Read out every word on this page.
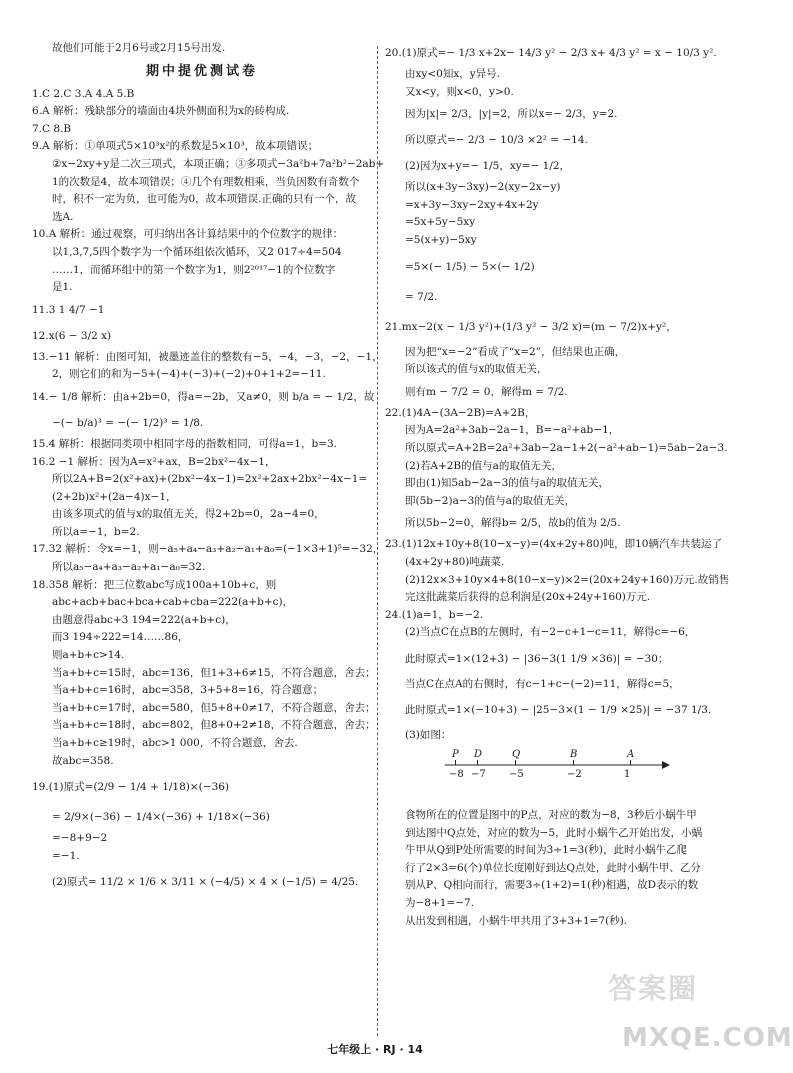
故他们可能于2月6号或2月15号出发.
期中提优测试卷
1.C 2.C 3.A 4.A 5.B
6.A 解析：残缺部分的墙面由4块外侧面积为x的砖构成.
7.C 8.B
9.A 解析：①单项式5×10³x²的系数是5×10³，故本项错误；
②x−2xy+y是二次三项式，本项正确；③多项式−3a²b+7a²b²−2ab+
1的次数是4，故本项错误；④几个有理数相乘，当负因数有奇数个
时，积不一定为负，也可能为0，故本项错误.正确的只有一个，故
选A.
10.A 解析：通过观察，可归纳出各计算结果中的个位数字的规律：
以1,3,7,5四个数字为一个循环组依次循环，又2 017÷4=504
……1，而循环组中的第一个数字为1，则2²⁰¹⁷−1的个位数字
是1.
11.3 1 4/7 −1
12.x(6 − 3/2 x)
13.−11 解析：由图可知，被墨迹盖住的整数有−5，−4，−3，−2，−1，
2，则它们的和为−5+(−4)+(−3)+(−2)+0+1+2=−11.
14.− 1/8 解析：由a+2b=0，得a=−2b，又a≠0，则 b/a = − 1/2，故
−(− b/a)³ = −(− 1/2)³ = 1/8.
15.4 解析：根据同类项中相同字母的指数相同，可得a=1，b=3.
16.2 −1 解析：因为A=x²+ax，B=2bx²−4x−1，
所以2A+B=2(x²+ax)+(2bx²−4x−1)=2x²+2ax+2bx²−4x−1=
(2+2b)x²+(2a−4)x−1，
由该多项式的值与x的取值无关，得2+2b=0，2a−4=0，
所以a=−1，b=2.
17.32 解析：令x=−1，则−a₅+a₄−a₃+a₂−a₁+a₀=(−1×3+1)⁵=−32，
所以a₅−a₄+a₃−a₂+a₁−a₀=32.
18.358 解析：把三位数abc写成100a+10b+c，则
abc+acb+bac+bca+cab+cba=222(a+b+c)，
由题意得abc+3 194=222(a+b+c)，
而3 194÷222=14……86，
则a+b+c>14.
当a+b+c=15时，abc=136，但1+3+6≠15，不符合题意，舍去；
当a+b+c=16时，abc=358，3+5+8=16，符合题意；
当a+b+c=17时，abc=580，但5+8+0≠17，不符合题意，舍去；
当a+b+c=18时，abc=802，但8+0+2≠18，不符合题意，舍去；
当a+b+c≥19时，abc>1 000，不符合题意，舍去.
故abc=358.
19.(1)原式=(2/9 − 1/4 + 1/18)×(−36)
= 2/9×(−36) − 1/4×(−36) + 1/18×(−36)
=−8+9−2
=−1.
(2)原式= 11/2 × 1/6 × 3/11 × (−4/5) × 4 × (−1/5) = 4/25.
20.(1)原式=− 1/3 x+2x− 14/3 y² − 2/3 x+ 4/3 y² = x − 10/3 y².
由xy<0知x，y异号.
又x<y，则x<0，y>0.
因为|x|= 2/3，|y|=2，所以x=− 2/3，y=2.
所以原式=− 2/3 − 10/3 ×2² = −14.
(2)因为x+y=− 1/5，xy=− 1/2，
所以(x+3y−3xy)−2(xy−2x−y)
=x+3y−3xy−2xy+4x+2y
=5x+5y−5xy
=5(x+y)−5xy
=5×(− 1/5) − 5×(− 1/2)
= 7/2.
21.mx−2(x − 1/3 y²)+(1/3 y² − 3/2 x)=(m − 7/2)x+y²，
因为把“x=−2”看成了“x=2”，但结果也正确，
所以该式的值与x的取值无关，
则有m − 7/2 = 0，解得m = 7/2.
22.(1)4A−(3A−2B)=A+2B，
因为A=2a²+3ab−2a−1，B=−a²+ab−1，
所以原式=A+2B=2a²+3ab−2a−1+2(−a²+ab−1)=5ab−2a−3.
(2)若A+2B的值与a的取值无关，
即由(1)知5ab−2a−3的值与a的取值无关，
即(5b−2)a−3的值与a的取值无关，
所以5b−2=0，解得b= 2/5，故b的值为 2/5.
23.(1)12x+10y+8(10−x−y)=(4x+2y+80)吨，即10辆汽车共装运了
(4x+2y+80)吨蔬菜.
(2)12x×3+10y×4+8(10−x−y)×2=(20x+24y+160)万元.故销售
完这批蔬菜后获得的总利润是(20x+24y+160)万元.
24.(1)a=1，b=−2.
(2)当点C在点B的左侧时，有−2−c+1−c=11，解得c=−6，
此时原式=1×(12+3) − |36−3(1 1/9 ×36)| = −30；
当点C在点A的右侧时，有c−1+c−(−2)=11，解得c=5，
此时原式=1×(−10+3) − |25−3×(1 − 1/9 ×25)| = −37 1/3.
(3)如图：
P
−8
D
−7
Q
−5
B
−2
A
1
食物所在的位置是图中的P点，对应的数为−8，3秒后小蜗牛甲
到达图中Q点处，对应的数为−5，此时小蜗牛乙开始出发，小蜗
牛甲从Q到P处所需要的时间为3÷1=3(秒)，此时小蜗牛乙爬
行了2×3=6(个)单位长度刚好到达Q点处，此时小蜗牛甲、乙分
别从P、Q相向而行，需要3÷(1+2)=1(秒)相遇，故D表示的数
为−8+1=−7.
从出发到相遇，小蜗牛甲共用了3+3+1=7(秒).
七年级上 · RJ · 14
答案圈
MXQE.COM
